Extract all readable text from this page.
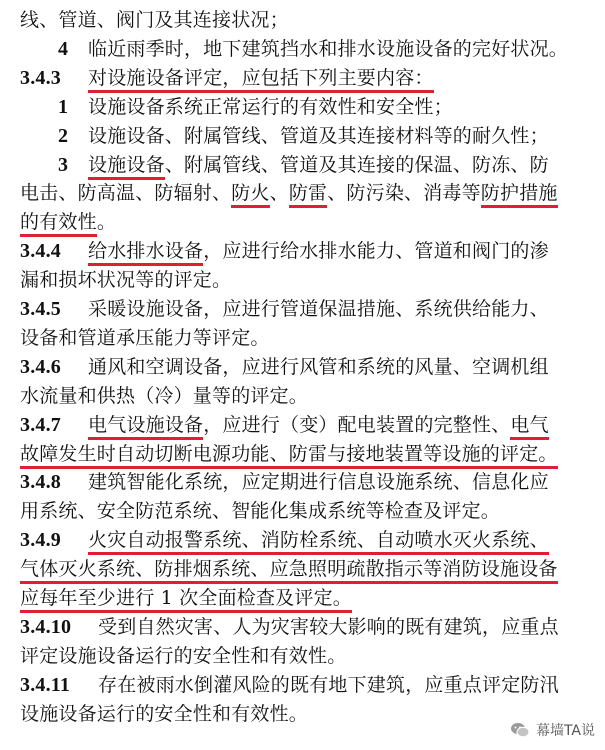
线、管道、阀门及其连接状况；
4 临近雨季时，地下建筑挡水和排水设施设备的完好状况。
3.4.3 对设施设备评定，应包括下列主要内容：
1 设施设备系统正常运行的有效性和安全性；
2 设施设备、附属管线、管道及其连接材料等的耐久性；
3 设施设备、附属管线、管道及其连接的保温、防冻、防
电击、防高温、防辐射、防火、防雷、防污染、消毒等防护措施
的有效性。
3.4.4 给水排水设备，应进行给水排水能力、管道和阀门的渗
漏和损坏状况等的评定。
3.4.5 采暖设施设备，应进行管道保温措施、系统供给能力、
设备和管道承压能力等评定。
3.4.6 通风和空调设备，应进行风管和系统的风量、空调机组
水流量和供热（冷）量等的评定。
3.4.7 电气设施设备，应进行（变）配电装置的完整性、电气
故障发生时自动切断电源功能、防雷与接地装置等设施的评定。
3.4.8 建筑智能化系统，应定期进行信息设施系统、信息化应
用系统、安全防范系统、智能化集成系统等检查及评定。
3.4.9 火灾自动报警系统、消防栓系统、自动喷水灭火系统、
气体灭火系统、防排烟系统、应急照明疏散指示等消防设施设备
应每年至少进行 1 次全面检查及评定。
3.4.10 受到自然灾害、人为灾害较大影响的既有建筑，应重点
评定设施设备运行的安全性和有效性。
3.4.11 存在被雨水倒灌风险的既有地下建筑，应重点评定防汛
设施设备运行的安全性和有效性。
幕墙TA说
